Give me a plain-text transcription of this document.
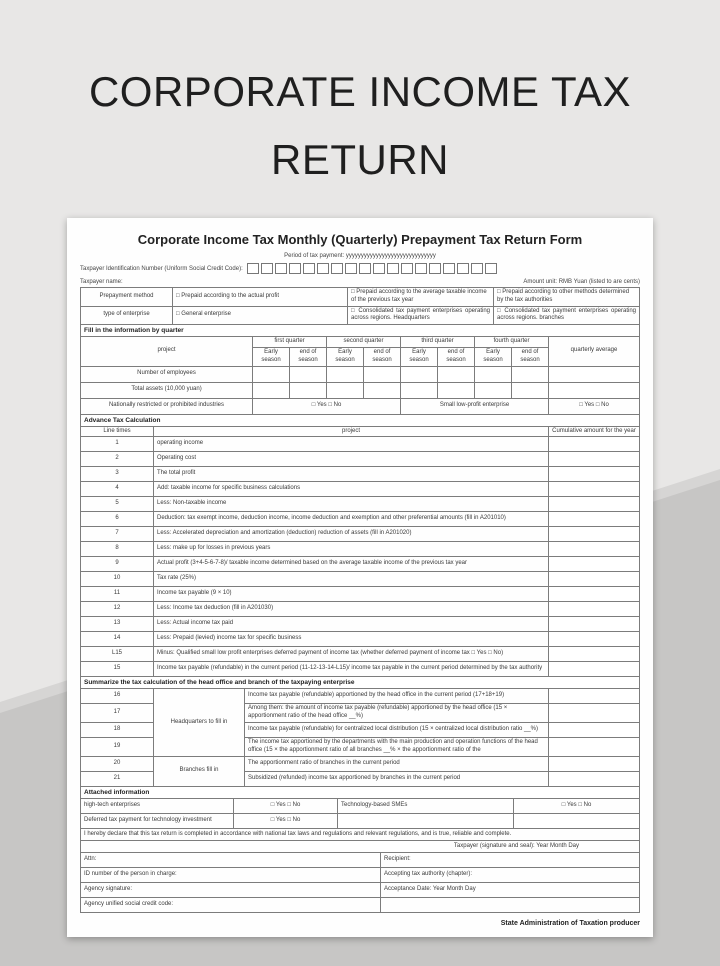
CORPORATE INCOME TAX
RETURN
Corporate Income Tax Monthly (Quarterly) Prepayment Tax Return Form
Period of tax payment: yyyyyyyyyyyyyyyyyyyyyyyyyyyyyy
Taxpayer Identification Number (Uniform Social Credit Code):
Taxpayer name:	Amount unit: RMB Yuan (listed to are cents)
Prepayment method	□ Prepaid according to the actual profit	□ Prepaid according to the average taxable income of the previous tax year	□ Prepaid according to other methods determined by the tax authorities
type of enterprise	□ General enterprise	□ Consolidated tax payment enterprises operating across regions. Headquarters	□ Consolidated tax payment enterprises operating across regions. branches
Fill in the information by quarter
project	first quarter		second quarter		third quarter		fourth quarter		quarterly average
	Early season	end of season	Early season	end of season	Early season	end of season	Early season	end of season	
Number of employees									
Total assets (10,000 yuan)									
Nationally restricted or prohibited industries	□ Yes □ No				Small low-profit enterprise				□ Yes □ No
Advance Tax Calculation
Line times	project	Cumulative amount for the year
1	operating income	
2	Operating cost	
3	The total profit	
4	Add: taxable income for specific business calculations	
5	Less: Non-taxable income	
6	Deduction: tax exempt income, deduction income, income deduction and exemption and other preferential amounts (fill in A201010)	
7	Less: Accelerated depreciation and amortization (deduction) reduction of assets (fill in A201020)	
8	Less: make up for losses in previous years	
9	Actual profit (3+4-5-6-7-8)/ taxable income determined based on the average taxable income of the previous tax year	
10	Tax rate (25%)	
11	Income tax payable (9 × 10)	
12	Less: Income tax deduction (fill in A201030)	
13	Less: Actual income tax paid	
14	Less: Prepaid (levied) income tax for specific business	
L15	Minus: Qualified small low profit enterprises deferred payment of income tax (whether deferred payment of income tax □ Yes □ No)	
15	Income tax payable (refundable) in the current period (11-12-13-14-L15)/ income tax payable in the current period determined by the tax authority	
Summarize the tax calculation of the head office and branch of the taxpaying enterprise
16	Headquarters to fill in	Income tax payable (refundable) apportioned by the head office in the current period (17+18+19)	
17		Among them: the amount of income tax payable (refundable) apportioned by the head office (15 × apportionment ratio of the head office __%)	
18		Income tax payable (refundable) for centralized local distribution (15 × centralized local distribution ratio __%)	
19		The income tax apportioned by the departments with the main production and operation functions of the head office (15 × the apportionment ratio of all branches __% × the apportionment ratio of the	
20	Branches fill in	The apportionment ratio of branches in the current period	
21		Subsidized (refunded) income tax apportioned by branches in the current period	
Attached information
high-tech enterprises	□ Yes □ No	Technology-based SMEs	□ Yes □ No
Deferred tax payment for technology investment	□ Yes □ No		
I hereby declare that this tax return is completed in accordance with national tax laws and regulations and relevant regulations, and is true, reliable and complete.
Taxpayer (signature and seal): Year Month Day
Attn:	Recipient:
ID number of the person in charge:	Accepting tax authority (chapter):
Agency signature:	Acceptance Date: Year Month Day
Agency unified social credit code:	
State Administration of Taxation producer
